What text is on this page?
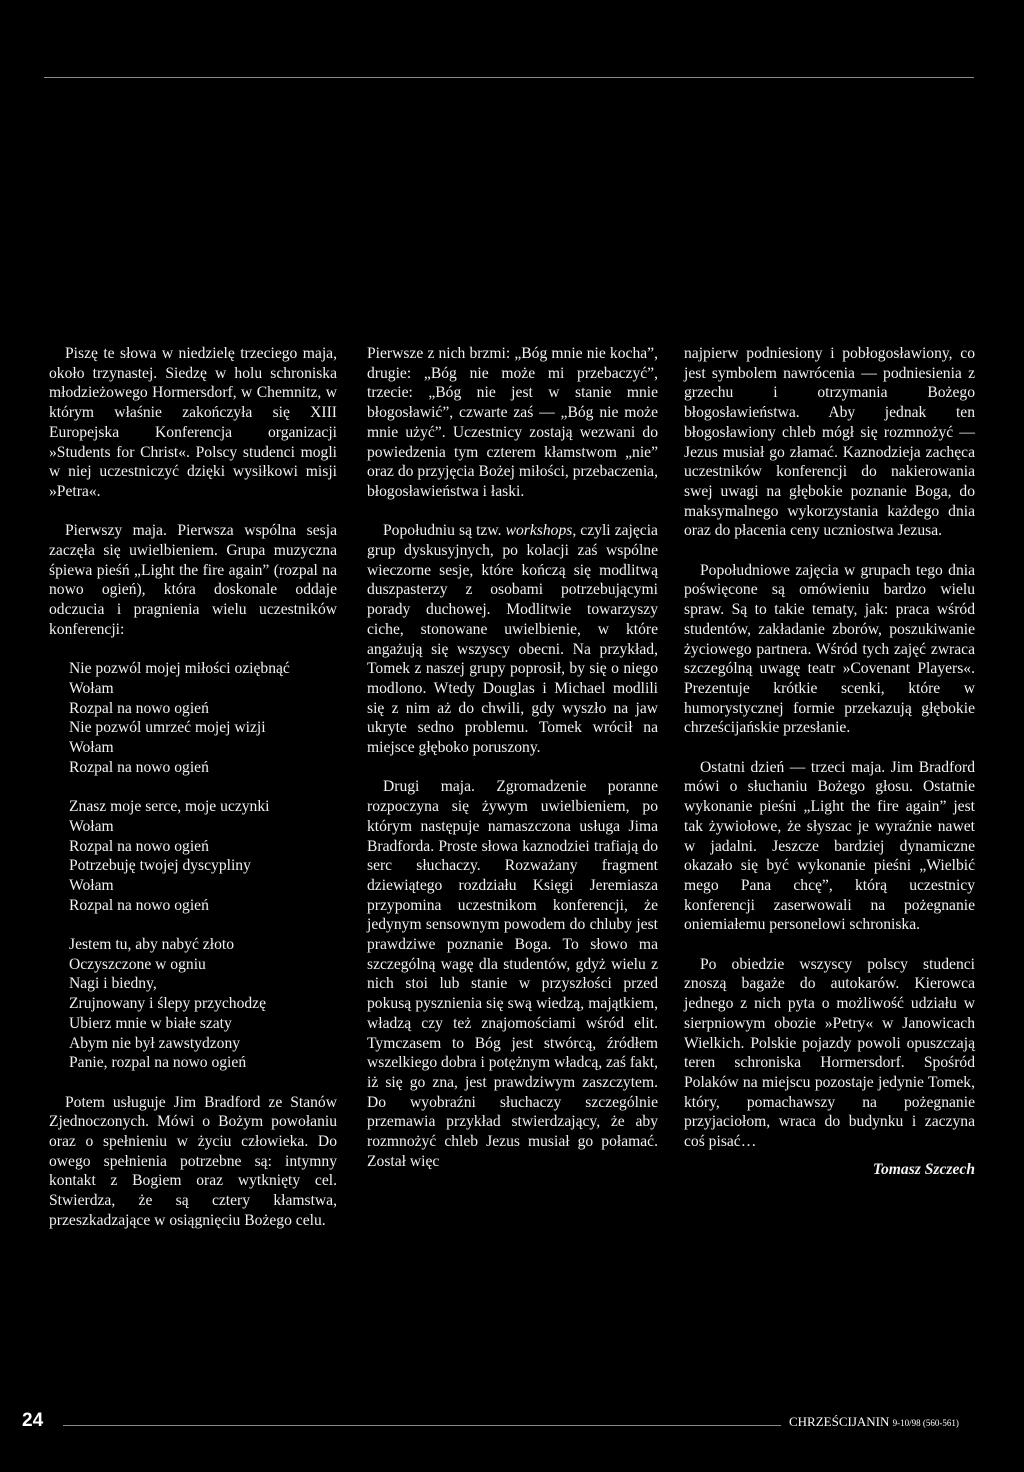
Piszę te słowa w niedzielę trzeciego maja, około trzynastej. Siedzę w holu schroniska młodzieżowego Hormersdorf, w Chemnitz, w którym właśnie zakończyła się XIII Europejska Konferencja organizacji »Students for Christ«. Polscy studenci mogli w niej uczestniczyć dzięki wysiłkowi misji »Petra«.

Pierwszy maja. Pierwsza wspólna sesja zaczęła się uwielbieniem. Grupa muzyczna śpiewa pieśń „Light the fire again” (rozpal na nowo ogień), która doskonale oddaje odczucia i pragnienia wielu uczestników konferencji:

Nie pozwól mojej miłości oziębnąć
Wołam
Rozpal na nowo ogień
Nie pozwól umrzeć mojej wizji
Wołam
Rozpal na nowo ogień
Znasz moje serce, moje uczynki
Wołam
Rozpal na nowo ogień
Potrzebuję twojej dyscypliny
Wołam
Rozpal na nowo ogień
Jestem tu, aby nabyć złoto
Oczyszczone w ogniu
Nagi i biedny,
Zrujnowany i ślepy przychodzę
Ubierz mnie w białe szaty
Abym nie był zawstydzony
Panie, rozpal na nowo ogień

Potem usługuje Jim Bradford ze Stanów Zjednoczonych. Mówi o Bożym powołaniu oraz o spełnieniu w życiu człowieka. Do owego spełnienia potrzebne są: intymny kontakt z Bogiem oraz wytknięty cel. Stwierdza, że są cztery kłamstwa, przeszkadzające w osiągnięciu Bożego celu.

Pierwsze z nich brzmi: „Bóg mnie nie kocha”, drugie: „Bóg nie może mi przebaczyć”, trzecie: „Bóg nie jest w stanie mnie błogosławić”, czwarte zaś — „Bóg nie może mnie użyć”. Uczestnicy zostają wezwani do powiedzenia tym czterem kłamstwom „nie” oraz do przyjęcia Bożej miłości, przebaczenia, błogosławieństwa i łaski.

Popołudniu są tzw. workshops, czyli zajęcia grup dyskusyjnych, po kolacji zaś wspólne wieczorne sesje, które kończą się modlitwą duszpasterzy z osobami potrzebującymi porady duchowej. Modlitwie towarzyszy ciche, stonowane uwielbienie, w które angażują się wszyscy obecni. Na przykład, Tomek z naszej grupy poprosił, by się o niego modlono. Wtedy Douglas i Michael modlili się z nim aż do chwili, gdy wyszło na jaw ukryte sedno problemu. Tomek wrócił na miejsce głęboko poruszony.

Drugi maja. Zgromadzenie poranne rozpoczyna się żywym uwielbieniem, po którym następuje namaszczona usługa Jima Bradforda. Proste słowa kaznodziei trafiają do serc słuchaczy. Rozważany fragment dziewiątego rozdziału Księgi Jeremiasza przypomina uczestnikom konferencji, że jedynym sensownym powodem do chluby jest prawdziwe poznanie Boga. To słowo ma szczególną wagę dla studentów, gdyż wielu z nich stoi lub stanie w przyszłości przed pokusą pysznienia się swą wiedzą, majątkiem, władzą czy też znajomościami wśród elit. Tymczasem to Bóg jest stwórcą, źródłem wszelkiego dobra i potężnym władcą, zaś fakt, iż się go zna, jest prawdziwym zaszczytem. Do wyobraźni słuchaczy szczególnie przemawia przykład stwierdzający, że aby rozmnożyć chleb Jezus musiał go połamać. Został więc

najpierw podniesiony i pobłogosławiony, co jest symbolem nawrócenia — podniesienia z grzechu i otrzymania Bożego błogosławieństwa. Aby jednak ten błogosławiony chleb mógł się rozmnożyć — Jezus musiał go złamać. Kaznodzieja zachęca uczestników konferencji do nakierowania swej uwagi na głębokie poznanie Boga, do maksymalnego wykorzystania każdego dnia oraz do płacenia ceny uczniostwa Jezusa.

Popołudniowe zajęcia w grupach tego dnia poświęcone są omówieniu bardzo wielu spraw. Są to takie tematy, jak: praca wśród studentów, zakładanie zborów, poszukiwanie życiowego partnera. Wśród tych zajęć zwraca szczególną uwagę teatr »Covenant Players«. Prezentuje krótkie scenki, które w humorystycznej formie przekazują głębokie chrześcijańskie przesłanie.

Ostatni dzień — trzeci maja. Jim Bradford mówi o słuchaniu Bożego głosu. Ostatnie wykonanie pieśni „Light the fire again” jest tak żywiołowe, że słyszac je wyraźnie nawet w jadalni. Jeszcze bardziej dynamiczne okazało się być wykonanie pieśni „Wielbić mego Pana chcę”, którą uczestnicy konferencji zaserwowali na pożegnanie oniemiałemu personelowi schroniska.

Po obiedzie wszyscy polscy studenci znoszą bagaże do autokarów. Kierowca jednego z nich pyta o możliwość udziału w sierpniowym obozie »Petry« w Janowicach Wielkich. Polskie pojazdy powoli opuszczają teren schroniska Hormersdorf. Spośród Polaków na miejscu pozostaje jedynie Tomek, który, pomachawszy na pożegnanie przyjaciołom, wraca do budynku i zaczyna coś pisać…

Tomasz Szczech

24	CHRZEŚCIJANIN 9-10/98 (560-561)
